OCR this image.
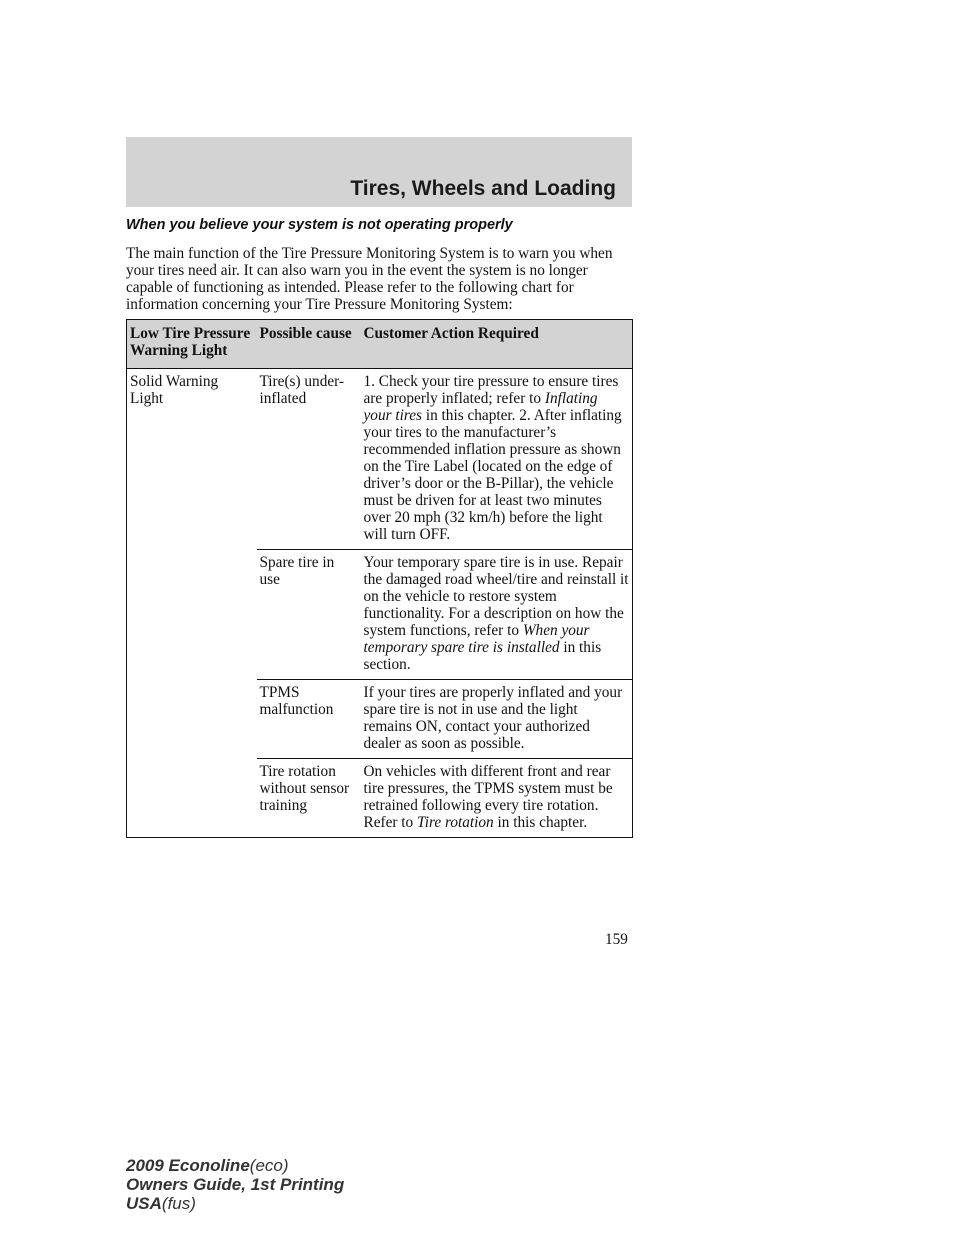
Tires, Wheels and Loading
When you believe your system is not operating properly

The main function of the Tire Pressure Monitoring System is to warn you when your tires need air. It can also warn you in the event the system is no longer capable of functioning as intended. Please refer to the following chart for information concerning your Tire Pressure Monitoring System:

Low Tire Pressure Warning Light	Possible cause	Customer Action Required
Solid Warning Light	Tire(s) under-inflated	1. Check your tire pressure to ensure tires are properly inflated; refer to Inflating your tires in this chapter. 2. After inflating your tires to the manufacturer’s recommended inflation pressure as shown on the Tire Label (located on the edge of driver’s door or the B-Pillar), the vehicle must be driven for at least two minutes over 20 mph (32 km/h) before the light will turn OFF.
	Spare tire in use	Your temporary spare tire is in use. Repair the damaged road wheel/tire and reinstall it on the vehicle to restore system functionality. For a description on how the system functions, refer to When your temporary spare tire is installed in this section.
	TPMS malfunction	If your tires are properly inflated and your spare tire is not in use and the light remains ON, contact your authorized dealer as soon as possible.
	Tire rotation without sensor training	On vehicles with different front and rear tire pressures, the TPMS system must be retrained following every tire rotation. Refer to Tire rotation in this chapter.
159
2009 Econoline(eco)
Owners Guide, 1st Printing
USA(fus)
